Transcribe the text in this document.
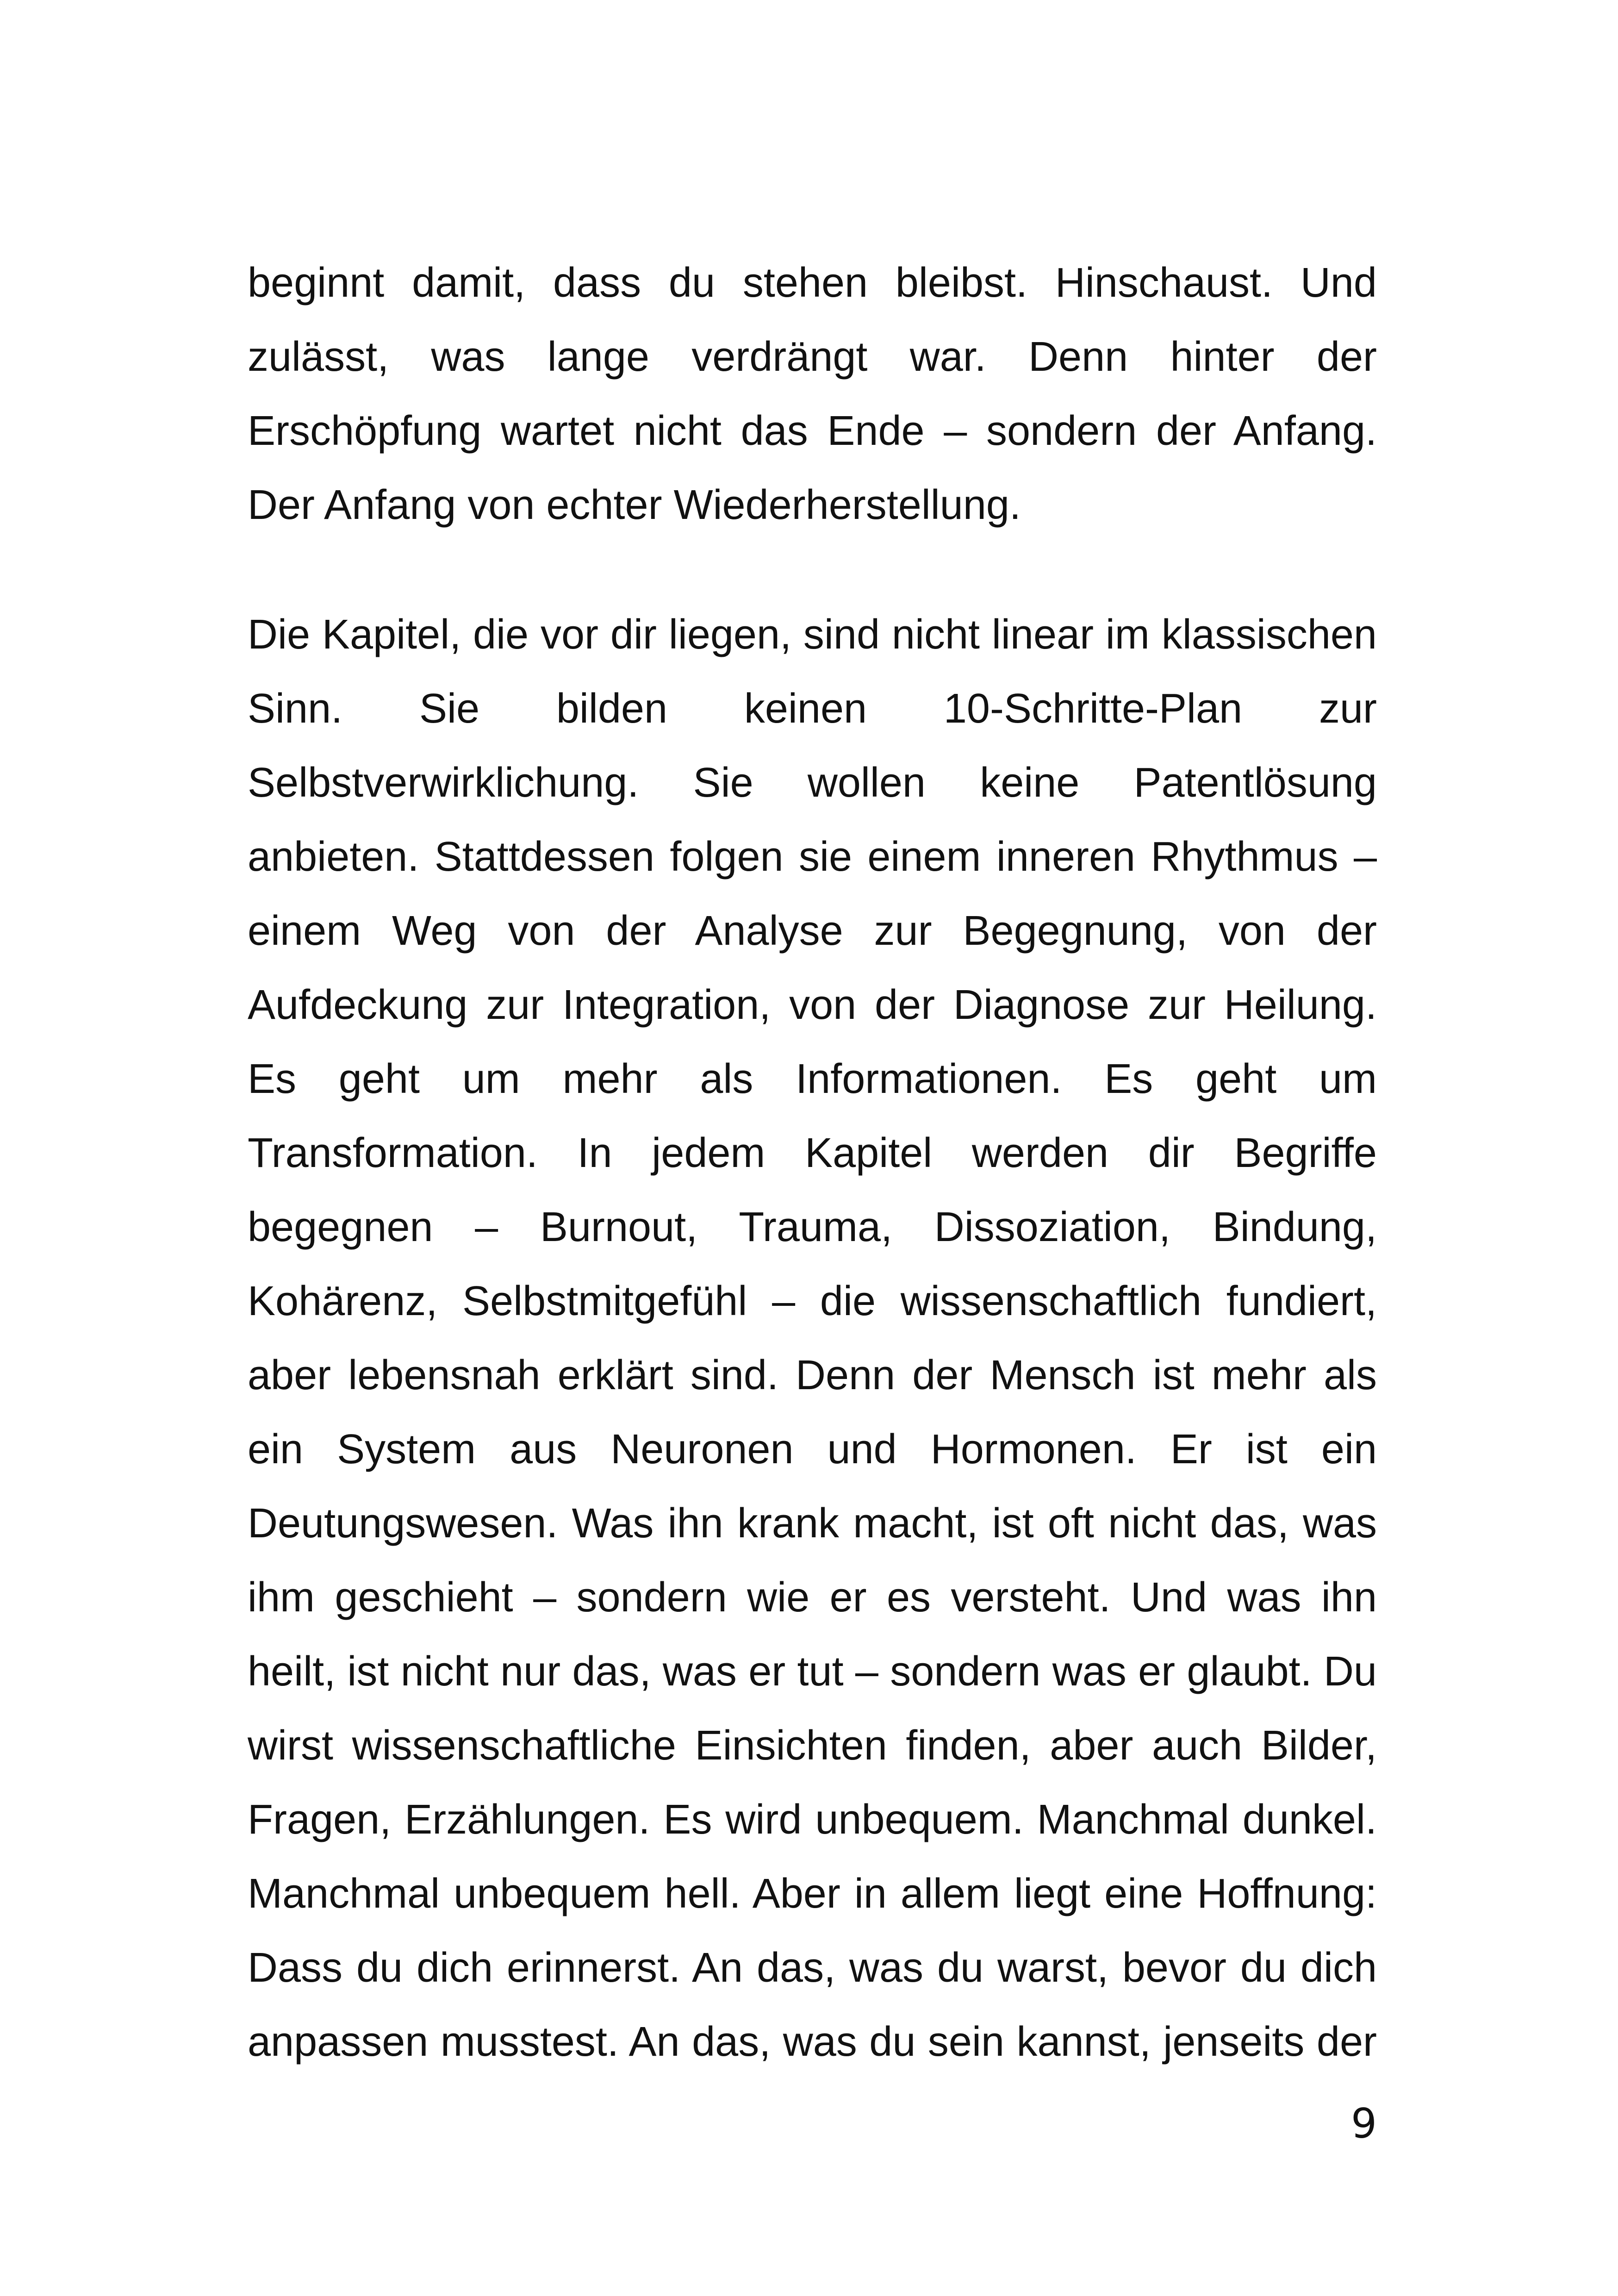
beginnt damit, dass du stehen bleibst. Hinschaust. Und
zulässt, was lange verdrängt war. Denn hinter der
Erschöpfung wartet nicht das Ende – sondern der Anfang.
Der Anfang von echter Wiederherstellung.
Die Kapitel, die vor dir liegen, sind nicht linear im klassischen
Sinn. Sie bilden keinen 10-Schritte-Plan zur
Selbstverwirklichung. Sie wollen keine Patentlösung
anbieten. Stattdessen folgen sie einem inneren Rhythmus –
einem Weg von der Analyse zur Begegnung, von der
Aufdeckung zur Integration, von der Diagnose zur Heilung.
Es geht um mehr als Informationen. Es geht um
Transformation. In jedem Kapitel werden dir Begriffe
begegnen – Burnout, Trauma, Dissoziation, Bindung,
Kohärenz, Selbstmitgefühl – die wissenschaftlich fundiert,
aber lebensnah erklärt sind. Denn der Mensch ist mehr als
ein System aus Neuronen und Hormonen. Er ist ein
Deutungswesen. Was ihn krank macht, ist oft nicht das, was
ihm geschieht – sondern wie er es versteht. Und was ihn
heilt, ist nicht nur das, was er tut – sondern was er glaubt. Du
wirst wissenschaftliche Einsichten finden, aber auch Bilder,
Fragen, Erzählungen. Es wird unbequem. Manchmal dunkel.
Manchmal unbequem hell. Aber in allem liegt eine Hoffnung:
Dass du dich erinnerst. An das, was du warst, bevor du dich
anpassen musstest. An das, was du sein kannst, jenseits der
9
